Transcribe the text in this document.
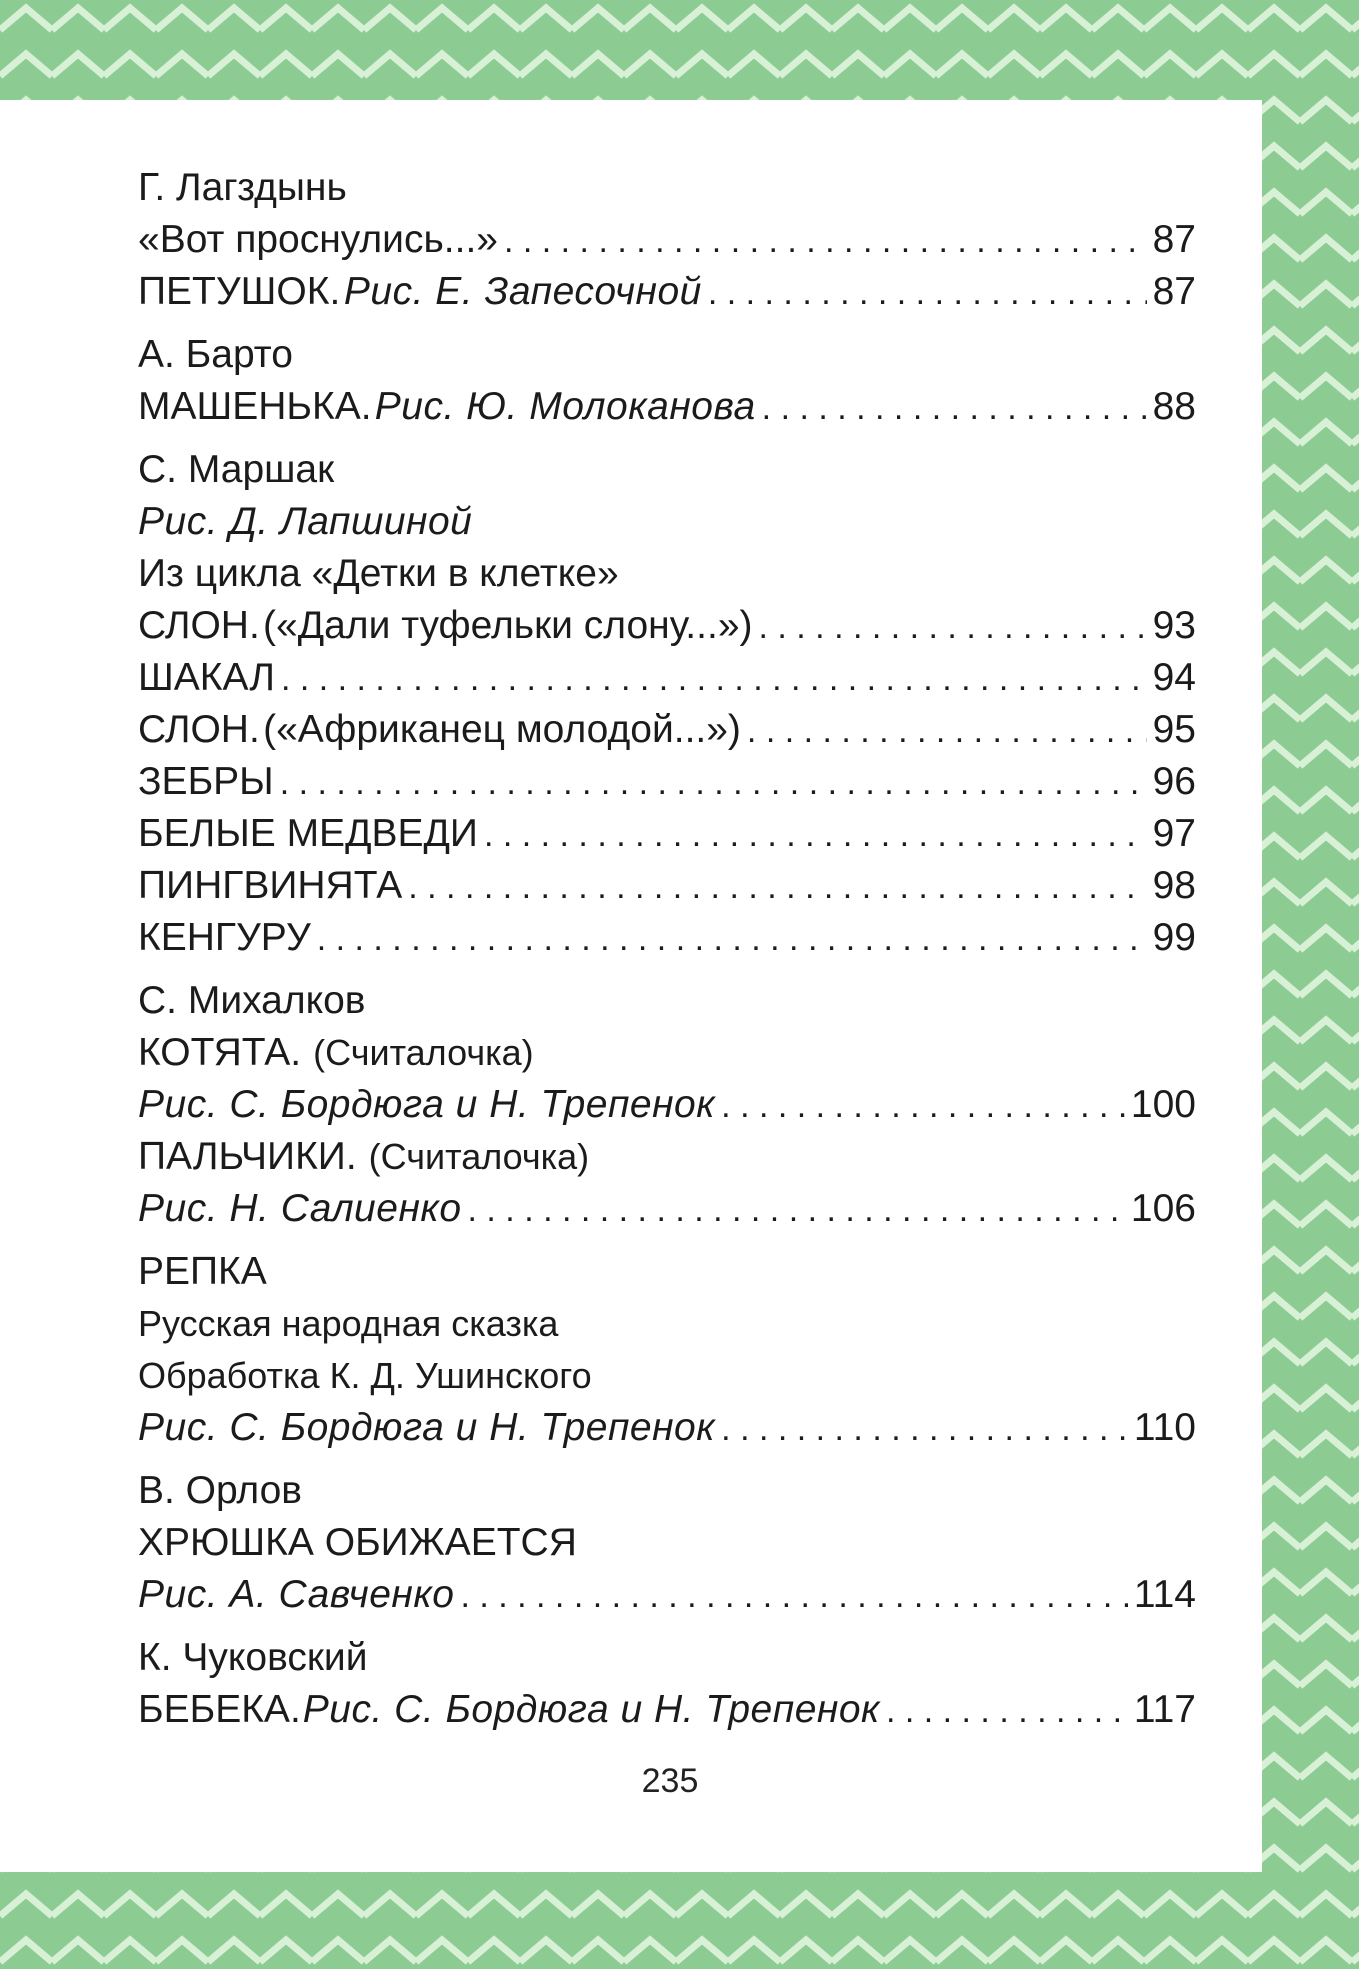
Г. Лагздынь
«Вот проснулись...» . . .	87
ПЕТУШОК. Рис. Е. Запесочной . . .	87
А. Барто
МАШЕНЬКА. Рис. Ю. Молоканова . . .	88
С. Маршак
Рис. Д. Лапшиной
Из цикла «Детки в клетке»
СЛОН. («Дали туфельки слону...») . . .	93
ШАКАЛ . . .	94
СЛОН. («Африканец молодой...») . . .	95
ЗЕБРЫ . . .	96
БЕЛЫЕ МЕДВЕДИ . . .	97
ПИНГВИНЯТА . . .	98
КЕНГУРУ . . .	99
С. Михалков
КОТЯТА. (Считалочка)
Рис. С. Бордюга и Н. Трепенок . . .	100
ПАЛЬЧИКИ. (Считалочка)
Рис. Н. Салиенко . . .	106
РЕПКА
Русская народная сказка
Обработка К. Д. Ушинского
Рис. С. Бордюга и Н. Трепенок . . .	110
В. Орлов
ХРЮШКА ОБИЖАЕТСЯ
Рис. А. Савченко . . .	114
К. Чуковский
БЕБЕКА. Рис. С. Бордюга и Н. Трепенок . . .	117
235
